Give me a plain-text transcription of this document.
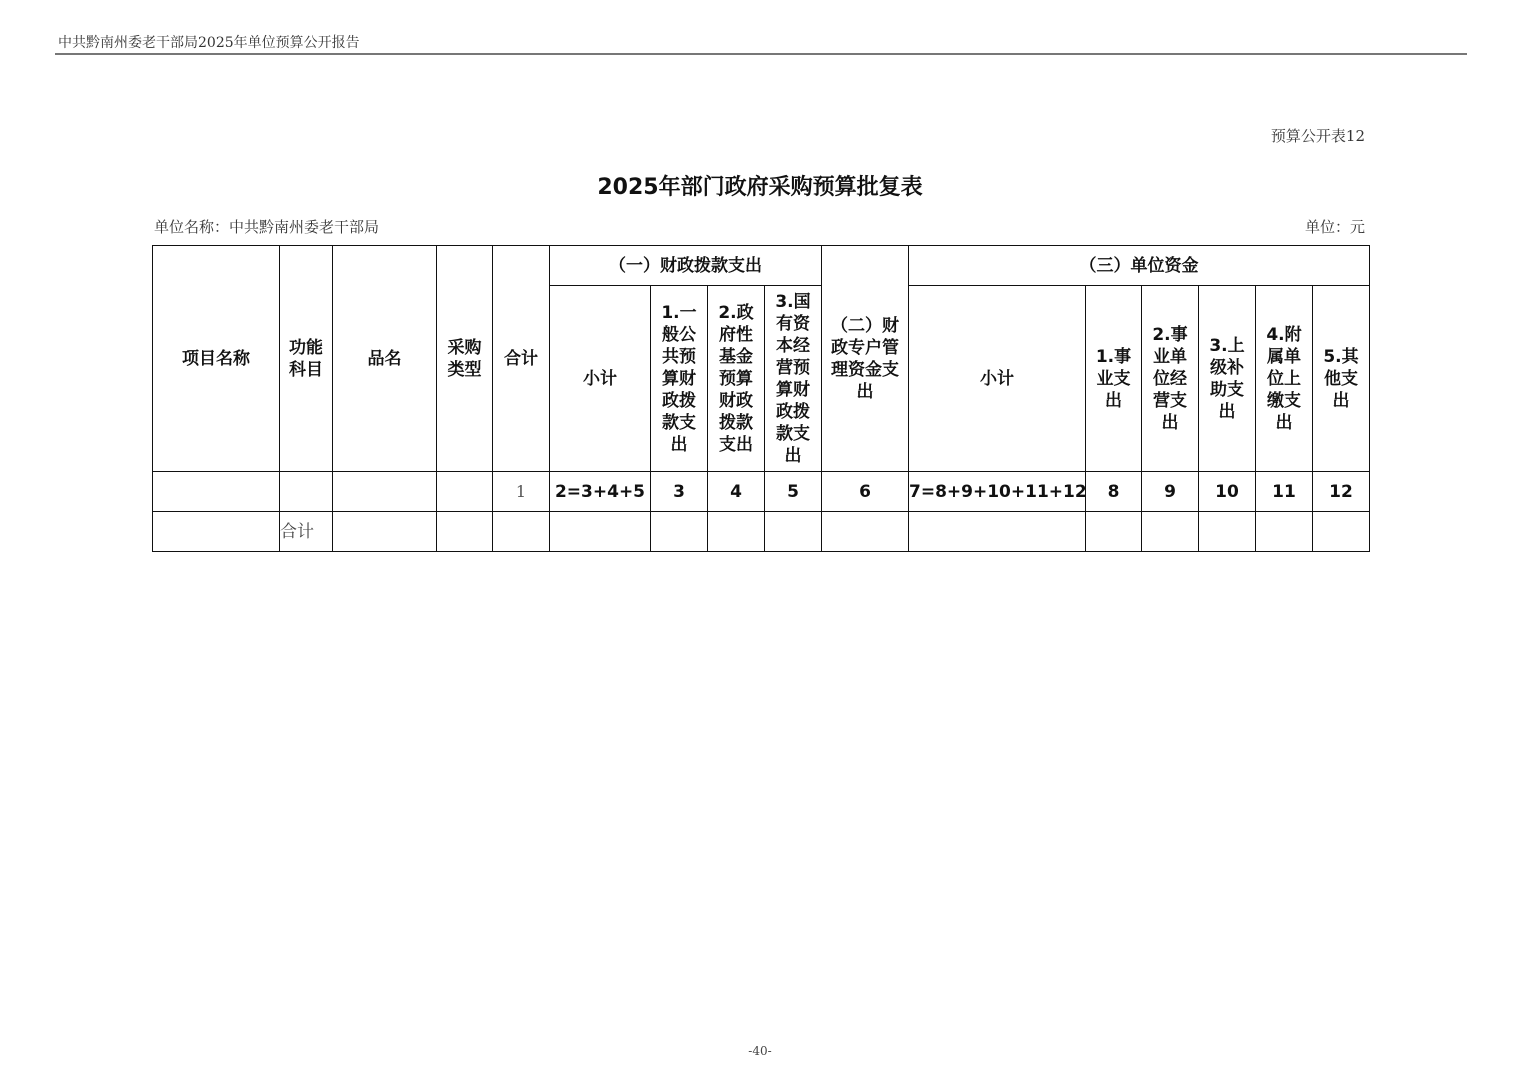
中共黔南州委老干部局2025年单位预算公开报告
预算公开表12
2025年部门政府采购预算批复表
单位名称：中共黔南州委老干部局	单位：元
项目名称	功能科目	品名	采购类型	合计	（一）财政拨款支出				（二）财政专户管理资金支出	（三）单位资金					
					小计	1.一般公共预算财政拨款支出	2.政府性基金预算财政拨款支出	3.国有资本经营预算财政拨款支出		小计	1.事业支出	2.事业单位经营支出	3.上级补助支出	4.附属单位上缴支出	5.其他支出
				1	2=3+4+5	3	4	5	6	7=8+9+10+11+12	8	9	10	11	12
	合计														
-40-
